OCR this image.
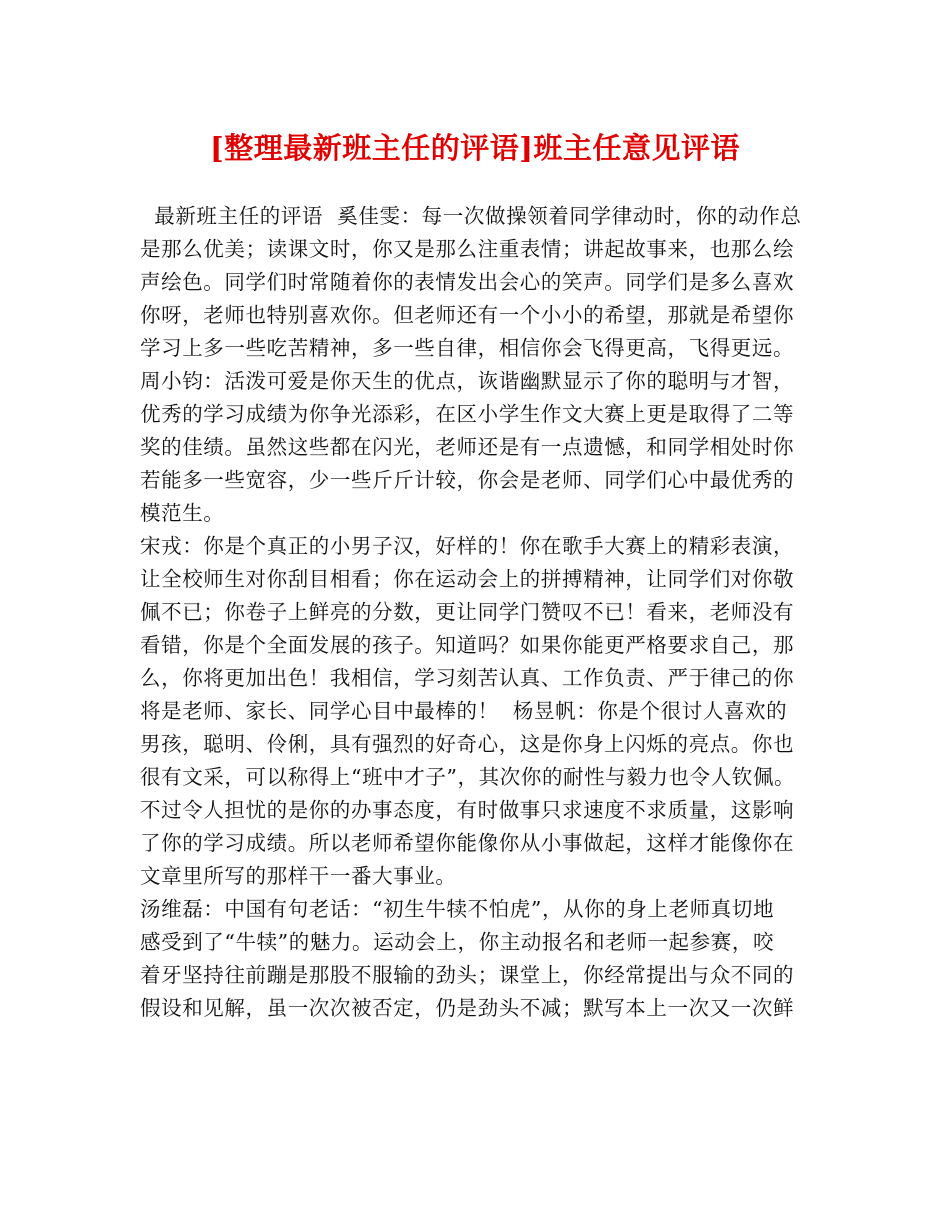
[整理最新班主任的评语]班主任意见评语
最新班主任的评语  奚佳雯：每一次做操领着同学律动时，你的动作总
是那么优美；读课文时，你又是那么注重表情；讲起故事来，也那么绘
声绘色。同学们时常随着你的表情发出会心的笑声。同学们是多么喜欢
你呀，老师也特别喜欢你。但老师还有一个小小的希望，那就是希望你
学习上多一些吃苦精神，多一些自律，相信你会飞得更高，飞得更远。
周小钧：活泼可爱是你天生的优点，诙谐幽默显示了你的聪明与才智，
优秀的学习成绩为你争光添彩，在区小学生作文大赛上更是取得了二等
奖的佳绩。虽然这些都在闪光，老师还是有一点遗憾，和同学相处时你
若能多一些宽容，少一些斤斤计较，你会是老师、同学们心中最优秀的
模范生。
宋戎：你是个真正的小男子汉，好样的！你在歌手大赛上的精彩表演，
让全校师生对你刮目相看；你在运动会上的拼搏精神，让同学们对你敬
佩不已；你卷子上鲜亮的分数，更让同学门赞叹不已！看来，老师没有
看错，你是个全面发展的孩子。知道吗？如果你能更严格要求自己，那
么，你将更加出色！我相信，学习刻苦认真、工作负责、严于律己的你
将是老师、家长、同学心目中最棒的！  杨昱帆：你是个很讨人喜欢的
男孩，聪明、伶俐，具有强烈的好奇心，这是你身上闪烁的亮点。你也
很有文采，可以称得上“班中才子”，其次你的耐性与毅力也令人钦佩。
不过令人担忧的是你的办事态度，有时做事只求速度不求质量，这影响
了你的学习成绩。所以老师希望你能像你从小事做起，这样才能像你在
文章里所写的那样干一番大事业。
汤维磊：中国有句老话：“初生牛犊不怕虎”，从你的身上老师真切地
感受到了“牛犊”的魅力。运动会上，你主动报名和老师一起参赛，咬
着牙坚持往前蹦是那股不服输的劲头；课堂上，你经常提出与众不同的
假设和见解，虽一次次被否定，仍是劲头不减；默写本上一次又一次鲜
